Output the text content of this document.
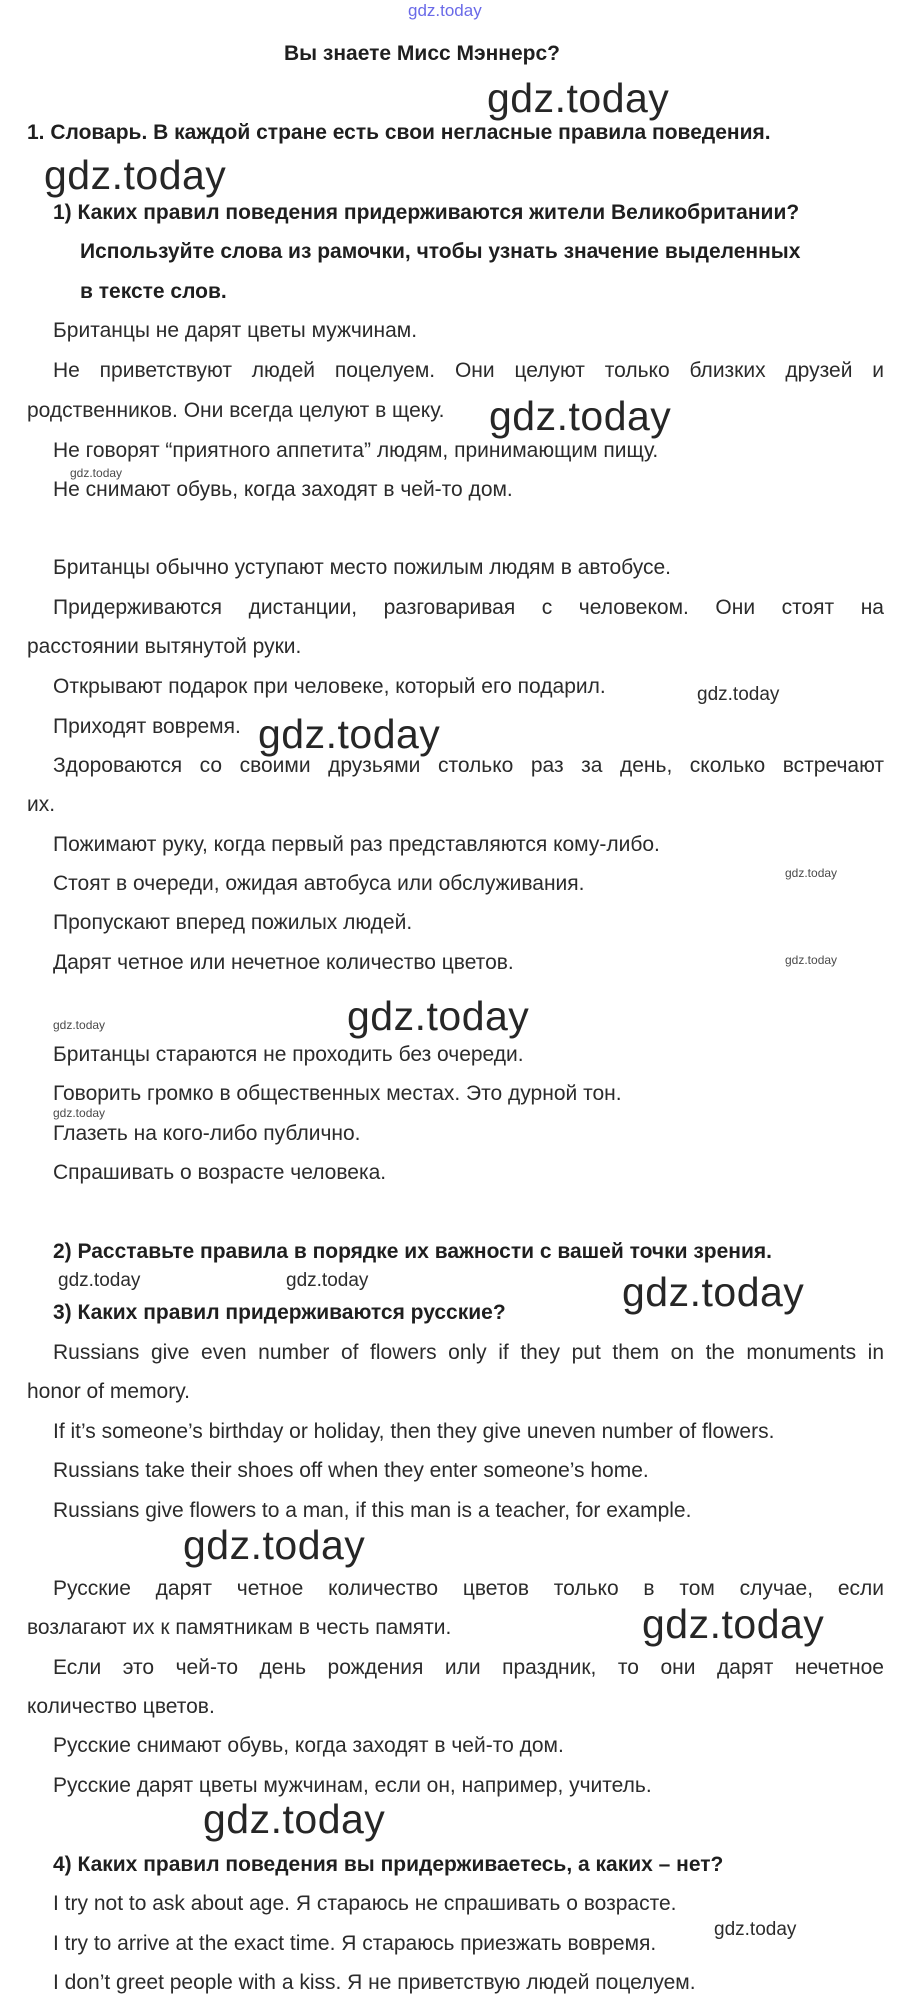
gdz.today
Вы знаете Мисс Мэннерс?
1. Словарь. В каждой стране есть свои негласные правила поведения.
1) Каких правил поведения придерживаются жители Великобритании?
Используйте слова из рамочки, чтобы узнать значение выделенных
в тексте слов.
Британцы не дарят цветы мужчинам.
Не приветствуют людей поцелуем. Они целуют только близких друзей и
родственников. Они всегда целуют в щеку.
Не говорят “приятного аппетита” людям, принимающим пищу.
Не снимают обувь, когда заходят в чей-то дом.
Британцы обычно уступают место пожилым людям в автобусе.
Придерживаются дистанции, разговаривая с человеком. Они стоят на
расстоянии вытянутой руки.
Открывают подарок при человеке, который его подарил.
Приходят вовремя.
Здороваются со своими друзьями столько раз за день, сколько встречают
их.
Пожимают руку, когда первый раз представляются кому-либо.
Стоят в очереди, ожидая автобуса или обслуживания.
Пропускают вперед пожилых людей.
Дарят четное или нечетное количество цветов.
Британцы стараются не проходить без очереди.
Говорить громко в общественных местах. Это дурной тон.
Глазеть на кого-либо публично.
Спрашивать о возрасте человека.
2) Расставьте правила в порядке их важности с вашей точки зрения.
3) Каких правил придерживаются русские?
Russians give even number of flowers only if they put them on the monuments in
honor of memory.
If it’s someone’s birthday or holiday, then they give uneven number of flowers.
Russians take their shoes off when they enter someone’s home.
Russians give flowers to a man, if this man is a teacher, for example.
Русские дарят четное количество цветов только в том случае, если
возлагают их к памятникам в честь памяти.
Если это чей-то день рождения или праздник, то они дарят нечетное
количество цветов.
Русские снимают обувь, когда заходят в чей-то дом.
Русские дарят цветы мужчинам, если он, например, учитель.
4) Каких правил поведения вы придерживаетесь, а каких – нет?
I try not to ask about age. Я стараюсь не спрашивать о возрасте.
I try to arrive at the exact time. Я стараюсь приезжать вовремя.
I don’t greet people with a kiss. Я не приветствую людей поцелуем.
gdz.today
gdz.today
gdz.today
gdz.today
gdz.today
gdz.today
gdz.today
gdz.today
gdz.today
gdz.today
gdz.today
gdz.today	gdz.today	gdz.today
gdz.today
gdz.today
gdz.today
gdz.today
